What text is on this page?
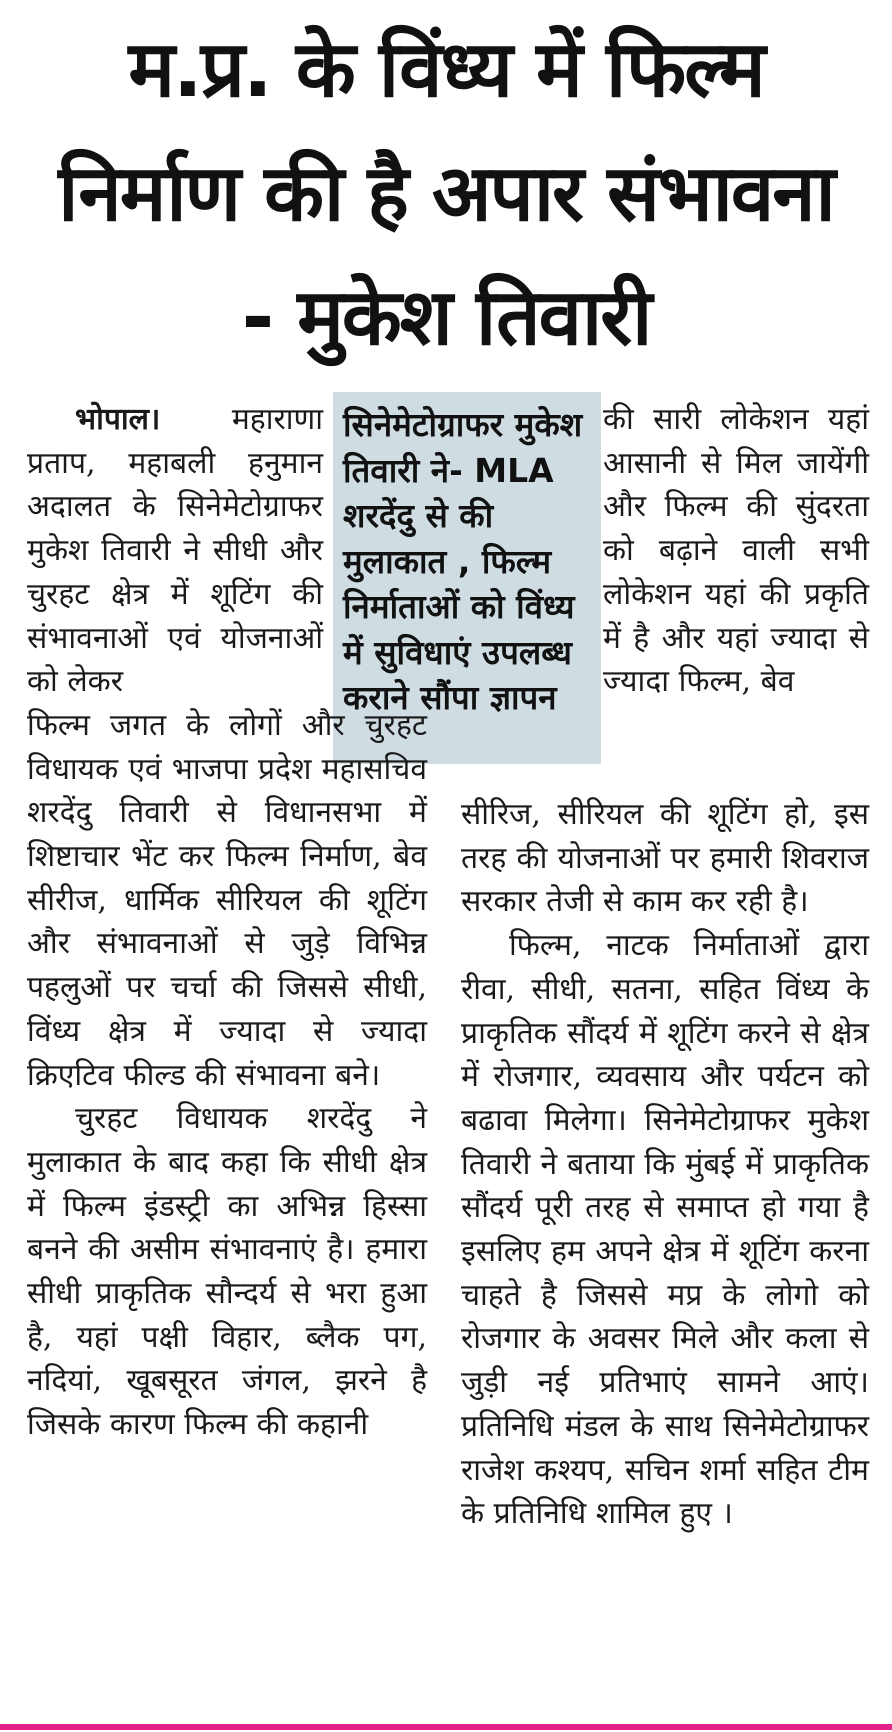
म.प्र. के विंध्य में फिल्म
निर्माण की है अपार संभावना
- मुकेश तिवारी
सिनेमेटोग्राफर मुकेश तिवारी ने- MLA शरदेंदु से की मुलाकात , फिल्म निर्माताओं को विंध्य में सुविधाएं उपलब्ध कराने सौंपा ज्ञापन

भोपाल। महाराणा प्रताप, महाबली हनुमान अदालत के सिनेमेटोग्राफर मुकेश तिवारी ने सीधी और चुरहट क्षेत्र में शूटिंग की संभावनाओं एवं योजनाओं को लेकर

फिल्म जगत के लोगों और चुरहट विधायक एवं भाजपा प्रदेश महासचिव शरदेंदु तिवारी से विधानसभा में शिष्टाचार भेंट कर फिल्म निर्माण, बेव सीरीज, धार्मिक सीरियल की शूटिंग और संभावनाओं से जुड़े विभिन्न पहलुओं पर चर्चा की जिससे सीधी, विंध्य क्षेत्र में ज्यादा से ज्यादा क्रिएटिव फील्ड की संभावना बने।

चुरहट विधायक शरदेंदु ने मुलाकात के बाद कहा कि सीधी क्षेत्र में फिल्म इंडस्ट्री का अभिन्न हिस्सा बनने की असीम संभावनाएं है। हमारा सीधी प्राकृतिक सौन्दर्य से भरा हुआ है, यहां पक्षी विहार, ब्लैक पग, नदियां, खूबसूरत जंगल, झरने है जिसके कारण फिल्म की कहानी

की सारी लोकेशन यहां आसानी से मिल जायेंगी और फिल्म की सुंदरता को बढ़ाने वाली सभी लोकेशन यहां की प्रकृति में है और यहां ज्यादा से ज्यादा फिल्म, बेव

सीरिज, सीरियल की शूटिंग हो, इस तरह की योजनाओं पर हमारी शिवराज सरकार तेजी से काम कर रही है।

फिल्म, नाटक निर्माताओं द्वारा रीवा, सीधी, सतना, सहित विंध्य के प्राकृतिक सौंदर्य में शूटिंग करने से क्षेत्र में रोजगार, व्यवसाय और पर्यटन को बढावा मिलेगा। सिनेमेटोग्राफर मुकेश तिवारी ने बताया कि मुंबई में प्राकृतिक सौंदर्य पूरी तरह से समाप्त हो गया है इसलिए हम अपने क्षेत्र में शूटिंग करना चाहते है जिससे मप्र के लोगो को रोजगार के अवसर मिले और कला से जुड़ी नई प्रतिभाएं सामने आएं। प्रतिनिधि मंडल के साथ सिनेमेटोग्राफर राजेश कश्यप, सचिन शर्मा सहित टीम के प्रतिनिधि शामिल हुए ।
